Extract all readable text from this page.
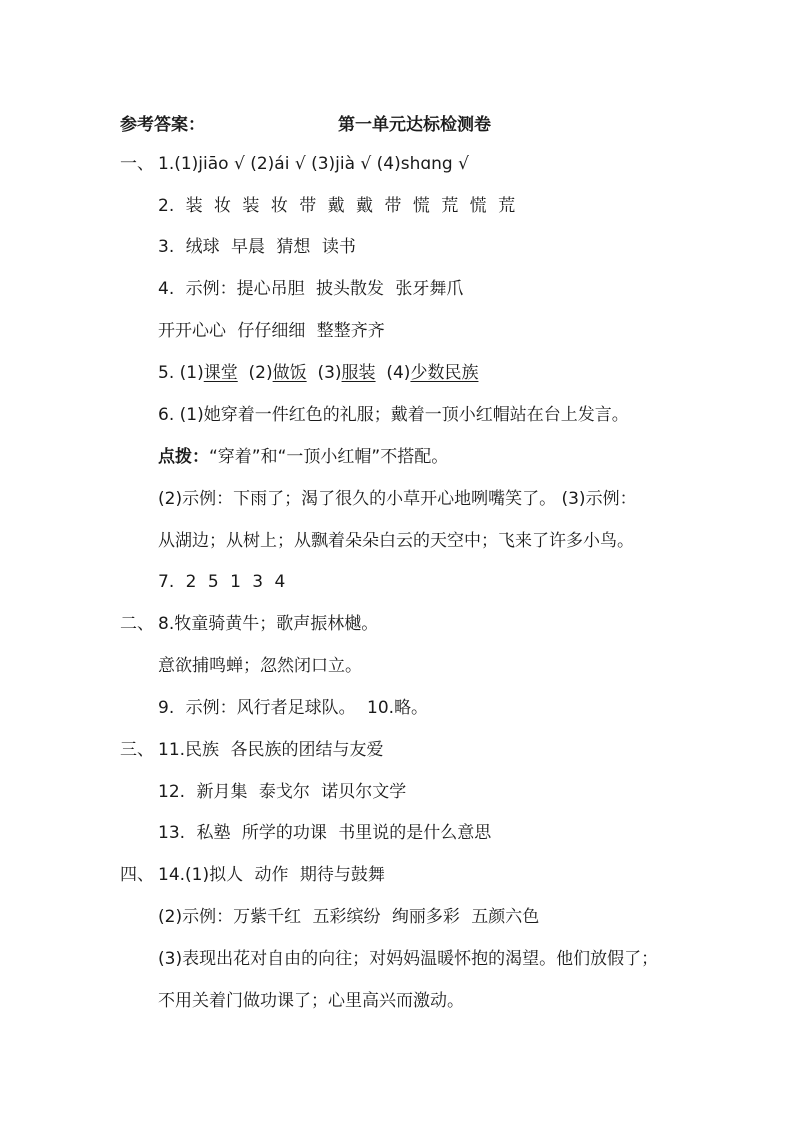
参考答案：	第一单元达标检测卷
一、 1.(1)jiāo √ (2)ái √ (3)jià √ (4)shɑng √
2. 装 妆 装 妆 带 戴 戴 带 慌 荒 慌 荒
3. 绒球 早晨 猜想 读书
4. 示例：提心吊胆 披头散发 张牙舞爪
开开心心 仔仔细细 整整齐齐
5. (1)课堂 (2)做饭 (3)服装 (4)少数民族
6. (1)她穿着一件红色的礼服；戴着一顶小红帽站在台上发言。
点拨：“穿着”和“一顶小红帽”不搭配。
(2)示例：下雨了；渴了很久的小草开心地咧嘴笑了。 (3)示例：
从湖边；从树上；从飘着朵朵白云的天空中；飞来了许多小鸟。
7. 2 5 1 3 4
二、 8.牧童骑黄牛；歌声振林樾。
意欲捕鸣蝉；忽然闭口立。
9. 示例：风行者足球队。 10.略。
三、 11.民族 各民族的团结与友爱
12. 新月集 泰戈尔 诺贝尔文学
13. 私塾 所学的功课 书里说的是什么意思
四、 14.(1)拟人 动作 期待与鼓舞
(2)示例：万紫千红 五彩缤纷 绚丽多彩 五颜六色
(3)表现出花对自由的向往；对妈妈温暖怀抱的渴望。他们放假了；
不用关着门做功课了；心里高兴而激动。
